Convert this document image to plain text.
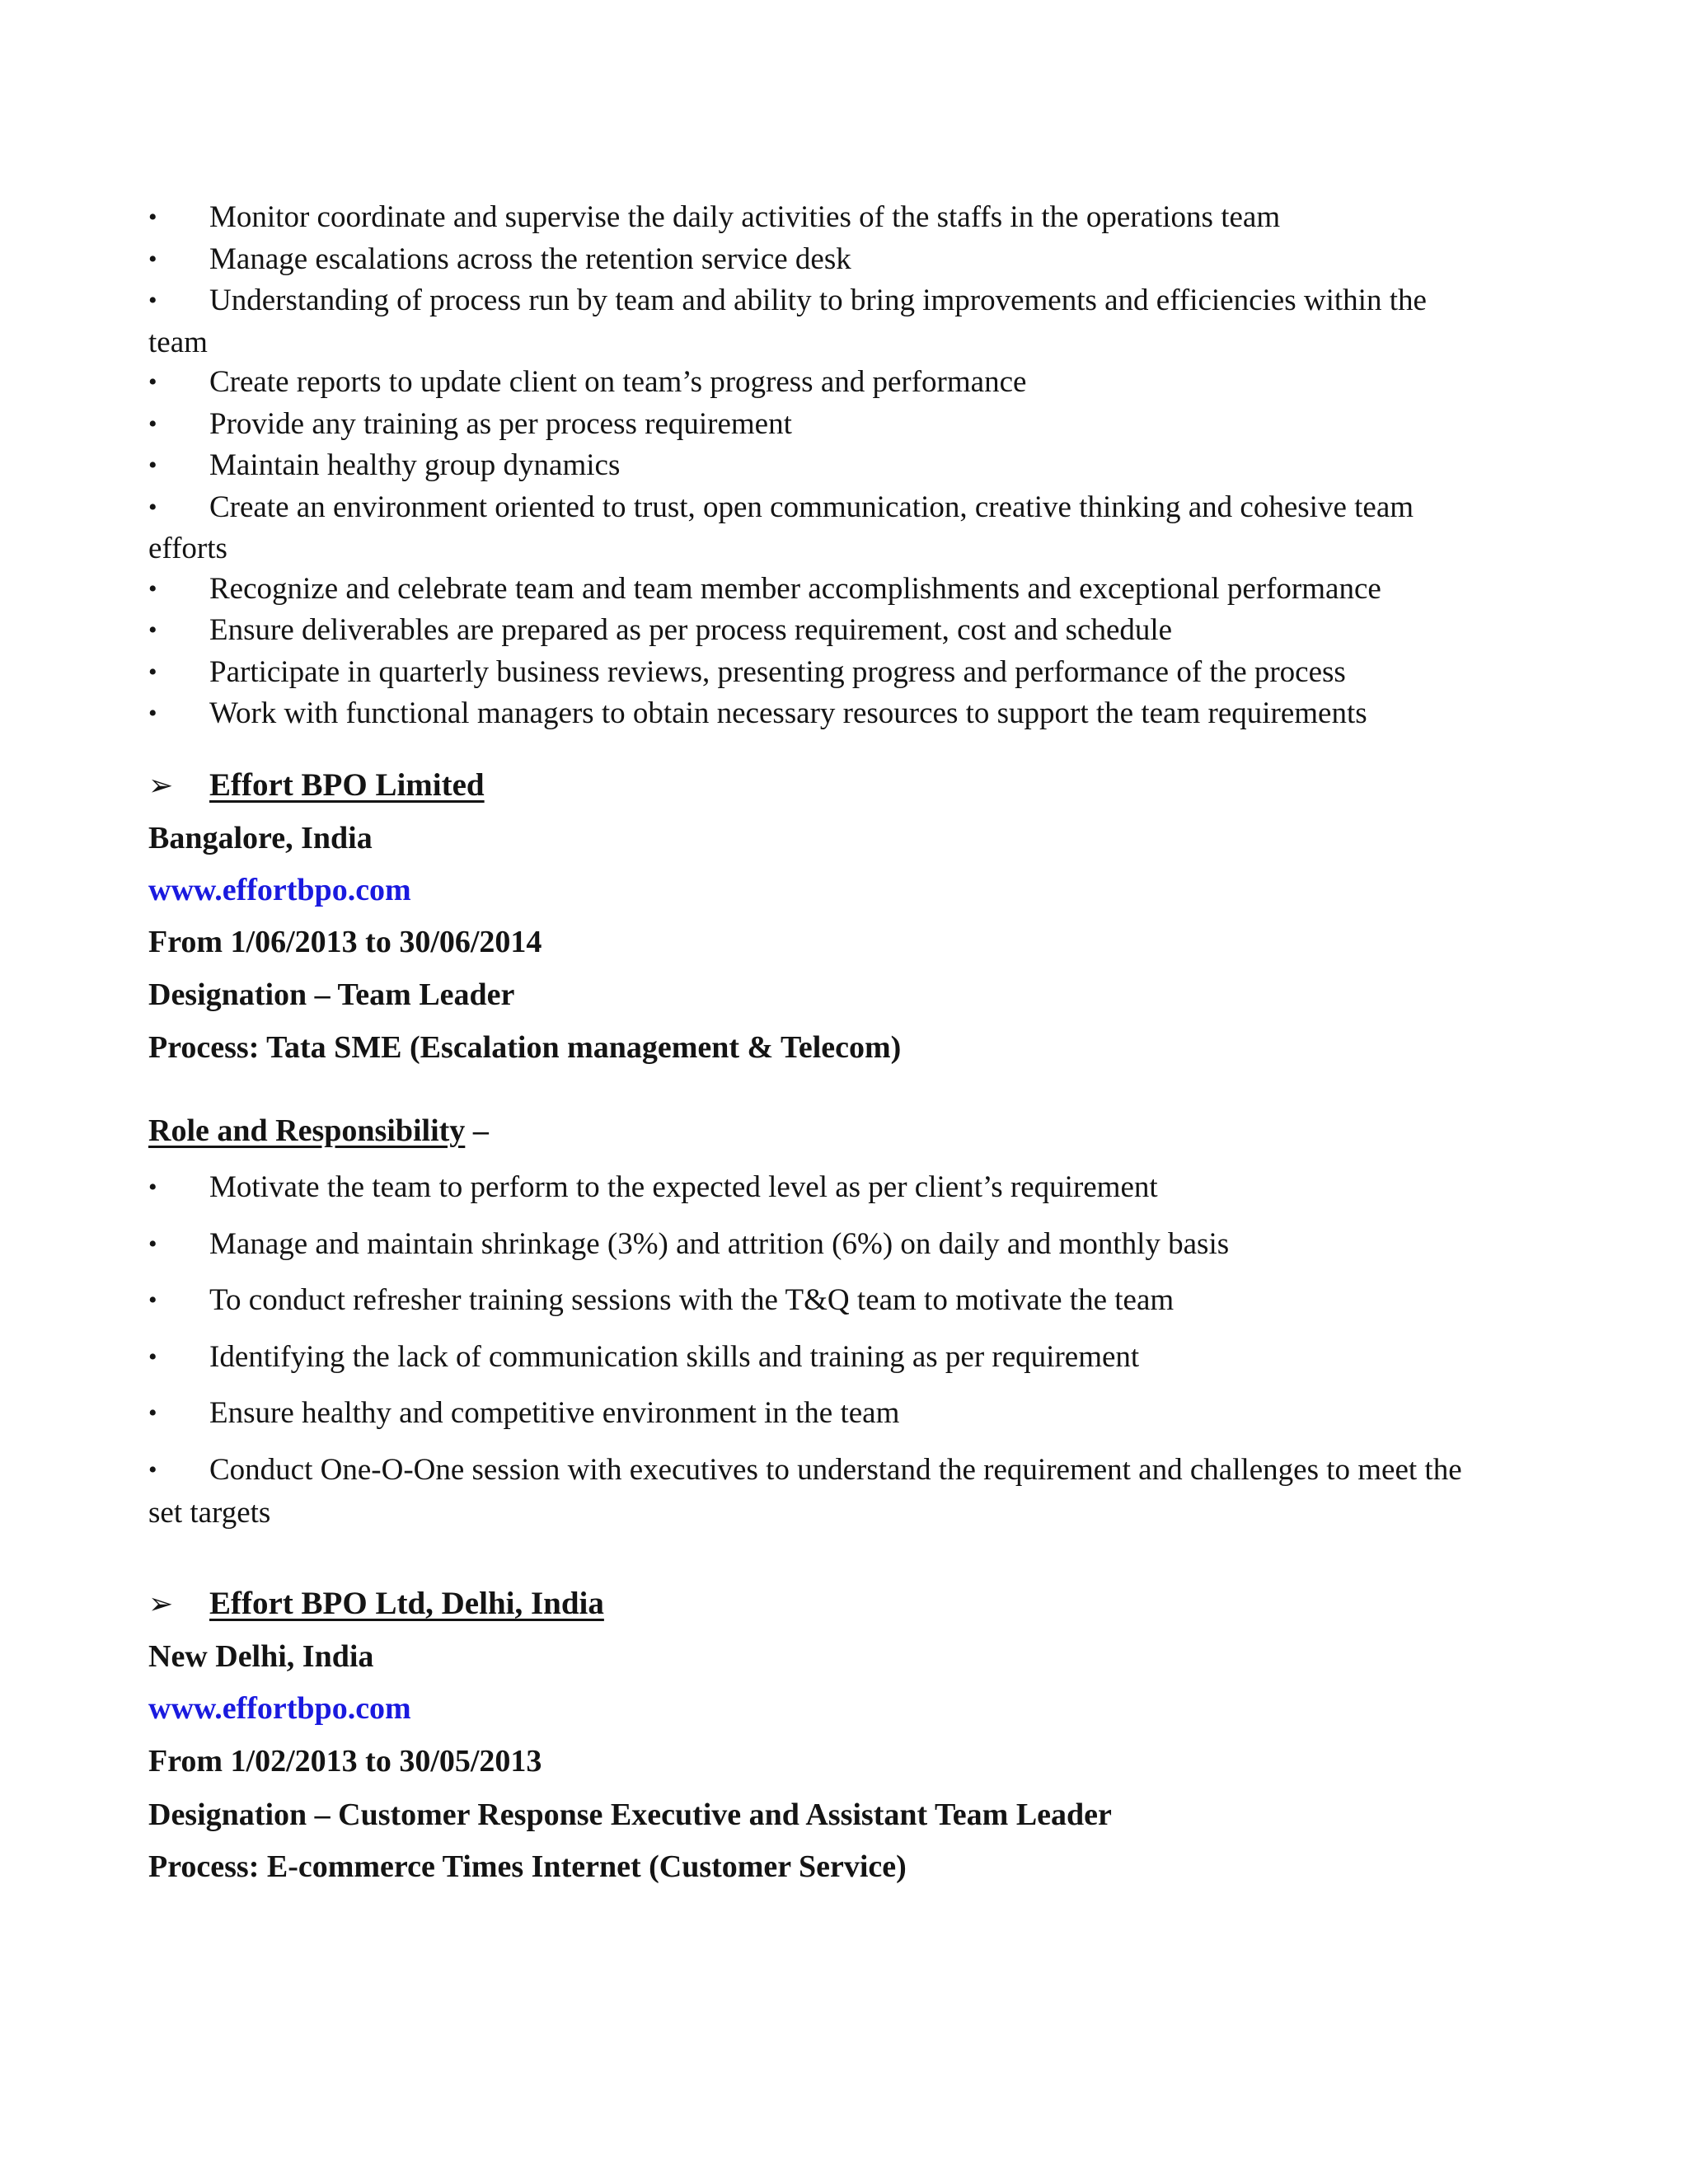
• Monitor coordinate and supervise the daily activities of the staffs in the operations team
• Manage escalations across the retention service desk
• Understanding of process run by team and ability to bring improvements and efficiencies within the team
• Create reports to update client on team’s progress and performance
• Provide any training as per process requirement
• Maintain healthy group dynamics
• Create an environment oriented to trust, open communication, creative thinking and cohesive team efforts
• Recognize and celebrate team and team member accomplishments and exceptional performance
• Ensure deliverables are prepared as per process requirement, cost and schedule
• Participate in quarterly business reviews, presenting progress and performance of the process
• Work with functional managers to obtain necessary resources to support the team requirements
➢ Effort BPO Limited
Bangalore, India
www.effortbpo.com
From 1/06/2013 to 30/06/2014
Designation – Team Leader
Process: Tata SME (Escalation management & Telecom)
Role and Responsibility –
• Motivate the team to perform to the expected level as per client’s requirement
• Manage and maintain shrinkage (3%) and attrition (6%) on daily and monthly basis
• To conduct refresher training sessions with the T&Q team to motivate the team
• Identifying the lack of communication skills and training as per requirement
• Ensure healthy and competitive environment in the team
• Conduct One-O-One session with executives to understand the requirement and challenges to meet the set targets
➢ Effort BPO Ltd, Delhi, India
New Delhi, India
www.effortbpo.com
From 1/02/2013 to 30/05/2013
Designation – Customer Response Executive and Assistant Team Leader
Process: E-commerce Times Internet (Customer Service)
